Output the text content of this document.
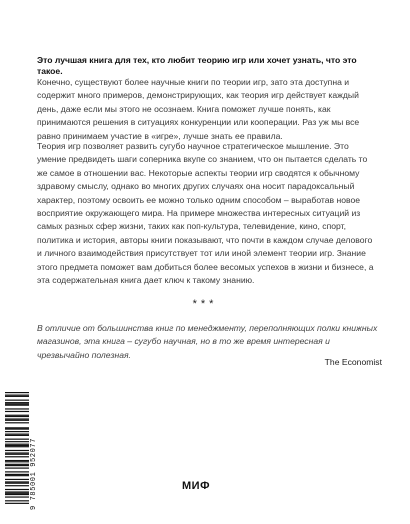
Это лучшая книга для тех, кто любит теорию игр или хочет узнать, что это такое.

Конечно, существуют более научные книги по теории игр, зато эта доступна и содержит много примеров, демонстрирующих, как теория игр действует каждый день, даже если мы этого не осознаем. Книга поможет лучше понять, как принимаются решения в ситуациях конкуренции или кооперации. Раз уж мы все равно принимаем участие в «игре», лучше знать ее правила.

Теория игр позволяет развить сугубо научное стратегическое мышление. Это умение предвидеть шаги соперника вкупе со знанием, что он пытается сделать то же самое в отношении вас. Некоторые аспекты теории игр сводятся к обычному здравому смыслу, однако во многих других случаях она носит парадоксальный характер, поэтому освоить ее можно только одним способом – выработав новое восприятие окружающего мира. На примере множества интересных ситуаций из самых разных сфер жизни, таких как поп-культура, телевидение, кино, спорт, политика и история, авторы книги показывают, что почти в каждом случае делового и личного взаимодействия присутствует тот или иной элемент теории игр. Знание этого предмета поможет вам добиться более весомых успехов в жизни и бизнесе, а эта содержательная книга дает ключ к такому знанию.

***

В отличие от большинства книг по менеджменту, переполняющих полки книжных магазинов, эта книга – сугубо научная, но в то же время интересная и чрезвычайно полезная.

The Economist
9 785001 952077	МИФ
